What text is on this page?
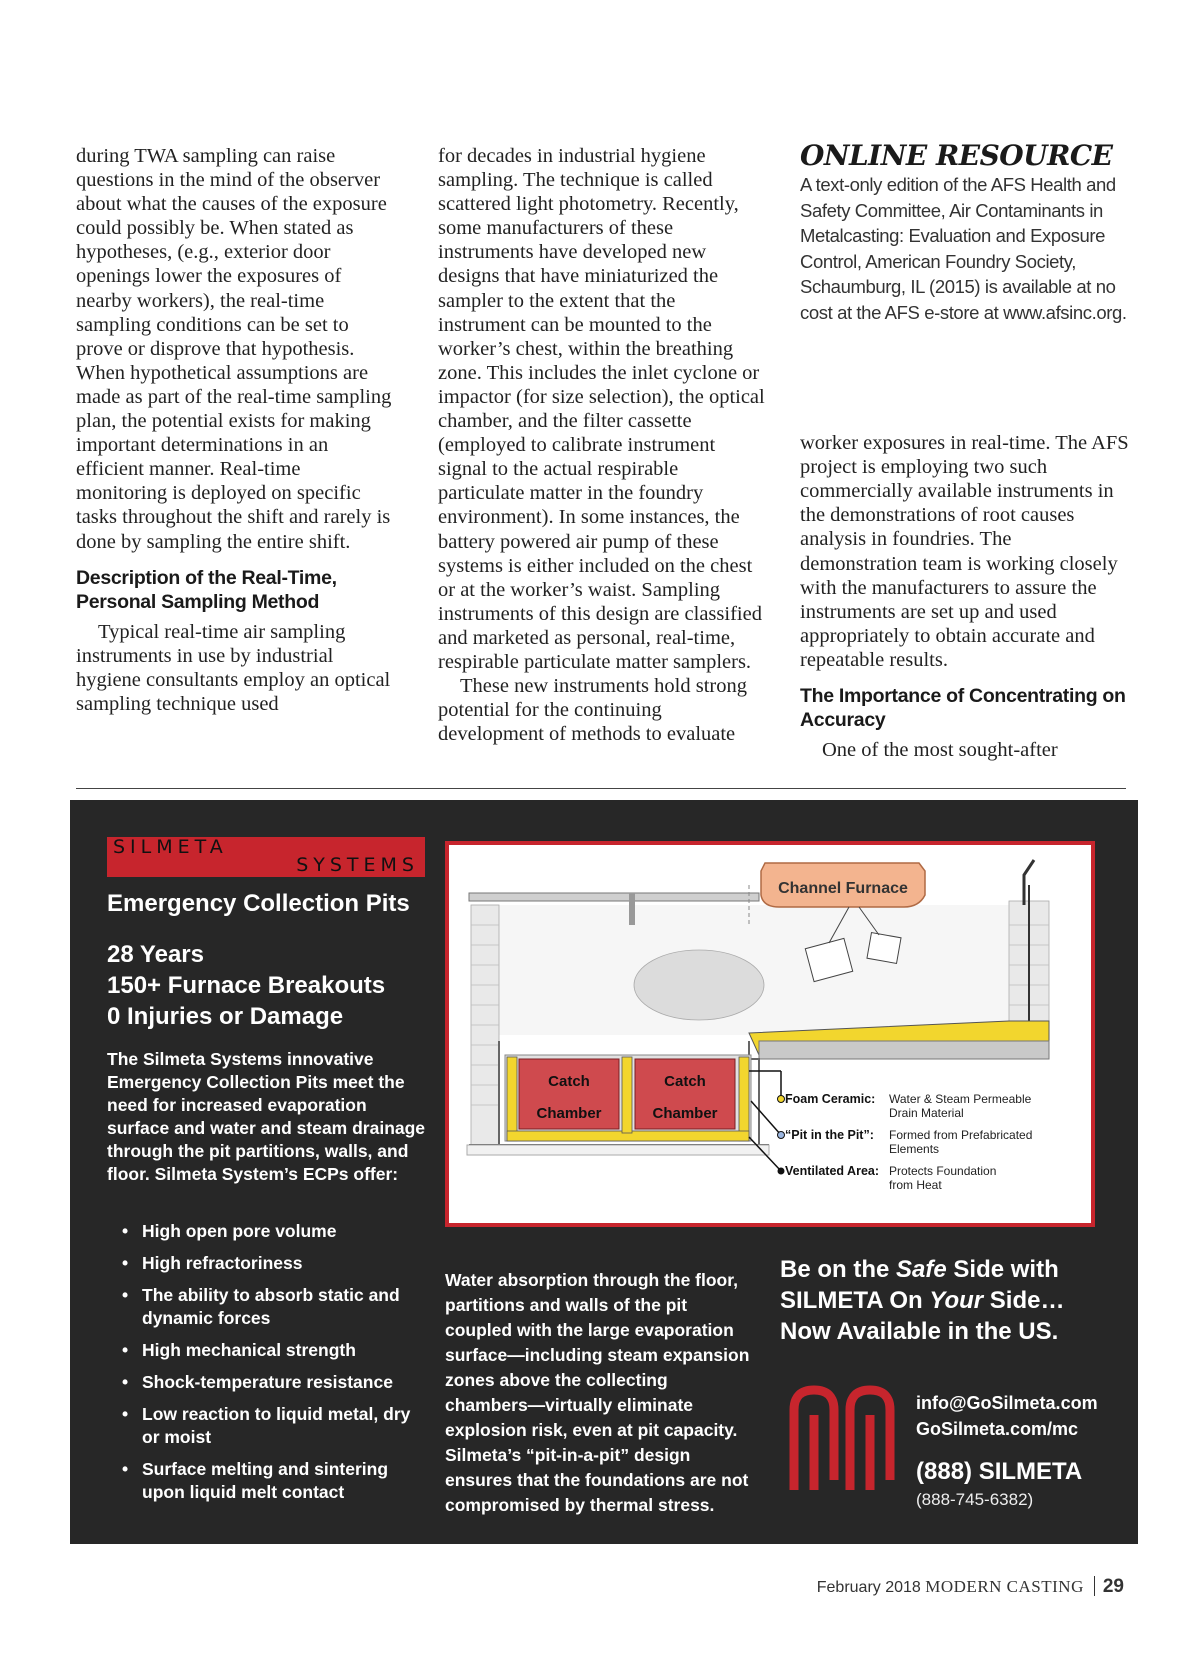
during TWA sampling can raise questions in the mind of the observer about what the causes of the exposure could possibly be. When stated as hypotheses, (e.g., exterior door openings lower the exposures of nearby workers), the real-time sampling conditions can be set to prove or disprove that hypothesis. When hypothetical assumptions are made as part of the real-time sampling plan, the potential exists for making important determinations in an efficient manner. Real-time monitoring is deployed on specific tasks throughout the shift and rarely is done by sampling the entire shift.

Description of the Real-Time, Personal Sampling Method

Typical real-time air sampling instruments in use by industrial hygiene consultants employ an optical sampling technique used

for decades in industrial hygiene sampling. The technique is called scattered light photometry. Recently, some manufacturers of these instruments have developed new designs that have miniaturized the sampler to the extent that the instrument can be mounted to the worker’s chest, within the breathing zone. This includes the inlet cyclone or impactor (for size selection), the optical chamber, and the filter cassette (employed to calibrate instrument signal to the actual respirable particulate matter in the foundry environment). In some instances, the battery powered air pump of these systems is either included on the chest or at the worker’s waist. Sampling instruments of this design are classified and marketed as personal, real-time, respirable particulate matter samplers.

These new instruments hold strong potential for the continuing development of methods to evaluate

ONLINE RESOURCE

A text-only edition of the AFS Health and Safety Committee, Air Contaminants in Metalcasting: Evaluation and Exposure Control, American Foundry Society, Schaumburg, IL (2015) is available at no cost at the AFS e-store at www.afsinc.org.

worker exposures in real-time. The AFS project is employing two such commercially available instruments in the demonstrations of root causes analysis in foundries. The demonstration team is working closely with the manufacturers to assure the instruments are set up and used appropriately to obtain accurate and repeatable results.

The Importance of Concentrating on Accuracy

One of the most sought-after

SILMETA
SYSTEMS
Emergency Collection Pits
28 Years
150+ Furnace Breakouts
0 Injuries or Damage
The Silmeta Systems innovative Emergency Collection Pits meet the need for increased evaporation surface and water and steam drainage through the pit partitions, walls, and floor. Silmeta System’s ECPs offer:
• High open pore volume
• High refractoriness
• The ability to absorb static and dynamic forces
• High mechanical strength
• Shock-temperature resistance
• Low reaction to liquid metal, dry or moist
• Surface melting and sintering upon liquid melt contact
Channel Furnace
Catch
Chamber
Catch
Chamber
Foam Ceramic: Water & Steam Permeable
Drain Material
“Pit in the Pit”: Formed from Prefabricated
Elements
Ventilated Area: Protects Foundation
from Heat
Water absorption through the floor, partitions and walls of the pit coupled with the large evaporation surface—including steam expansion zones above the collecting chambers—virtually eliminate explosion risk, even at pit capacity. Silmeta’s “pit-in-a-pit” design ensures that the foundations are not compromised by thermal stress.
Be on the Safe Side with
SILMETA On Your Side…
Now Available in the US.
info@GoSilmeta.com
GoSilmeta.com/mc
(888) SILMETA
(888-745-6382)
February 2018 MODERN CASTING 29
